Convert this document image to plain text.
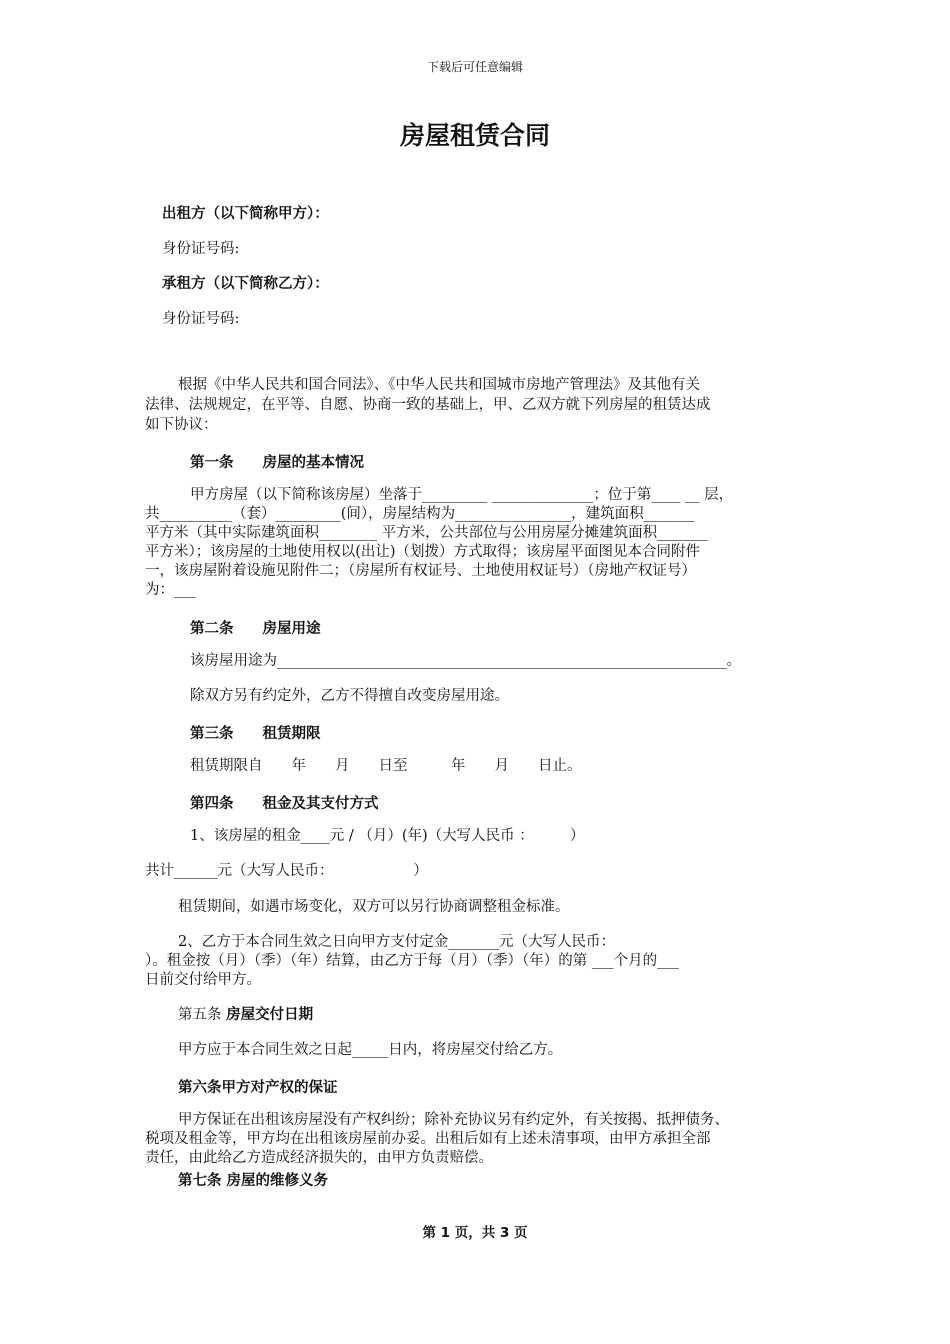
下载后可任意编辑
房屋租赁合同
出租方（以下简称甲方）：
身份证号码:
承租方（以下简称乙方）：
身份证号码:
根据《中华人民共和国合同法》、《中华人民共和国城市房地产管理法》及其他有关
法律、法规规定，在平等、自愿、协商一致的基础上，甲、乙双方就下列房屋的租赁达成
如下协议：
第一条　　房屋的基本情况
甲方房屋（以下简称该房屋）坐落于_________ ______________；位于第____ __ 层，
共__________（套）_________(间），房屋结构为________________，建筑面积_______
平方米（其中实际建筑面积________ 平方米，公共部位与公用房屋分摊建筑面积_______
平方米）；该房屋的土地使用权以(出让)（划拨）方式取得；该房屋平面图见本合同附件
一，该房屋附着设施见附件二；（房屋所有权证号、土地使用权证号）（房地产权证号）
为：___
第二条　　房屋用途
该房屋用途为______________________________________________________________。
除双方另有约定外，乙方不得擅自改变房屋用途。
第三条　　租赁期限
租赁期限自　　年　　月　　日至　　　年　　月　　日止。
第四条　　租金及其支付方式
1、该房屋的租金____元 / （月）(年)（大写人民币 ：　　　）
共计______元（大写人民币：　　　　　　）
租赁期间，如遇市场变化，双方可以另行协商调整租金标准。
2、乙方于本合同生效之日向甲方支付定金_______元（大写人民币：
）。租金按（月）（季）（年）结算，由乙方于每（月）（季）（年）的第 ___个月的___
日前交付给甲方。
第五条 房屋交付日期
甲方应于本合同生效之日起_____日内，将房屋交付给乙方。
第六条甲方对产权的保证
甲方保证在出租该房屋没有产权纠纷；除补充协议另有约定外，有关按揭、抵押债务、
税项及租金等，甲方均在出租该房屋前办妥。出租后如有上述未清事项，由甲方承担全部
责任，由此给乙方造成经济损失的，由甲方负责赔偿。
第七条 房屋的维修义务
第 1 页，共 3 页
